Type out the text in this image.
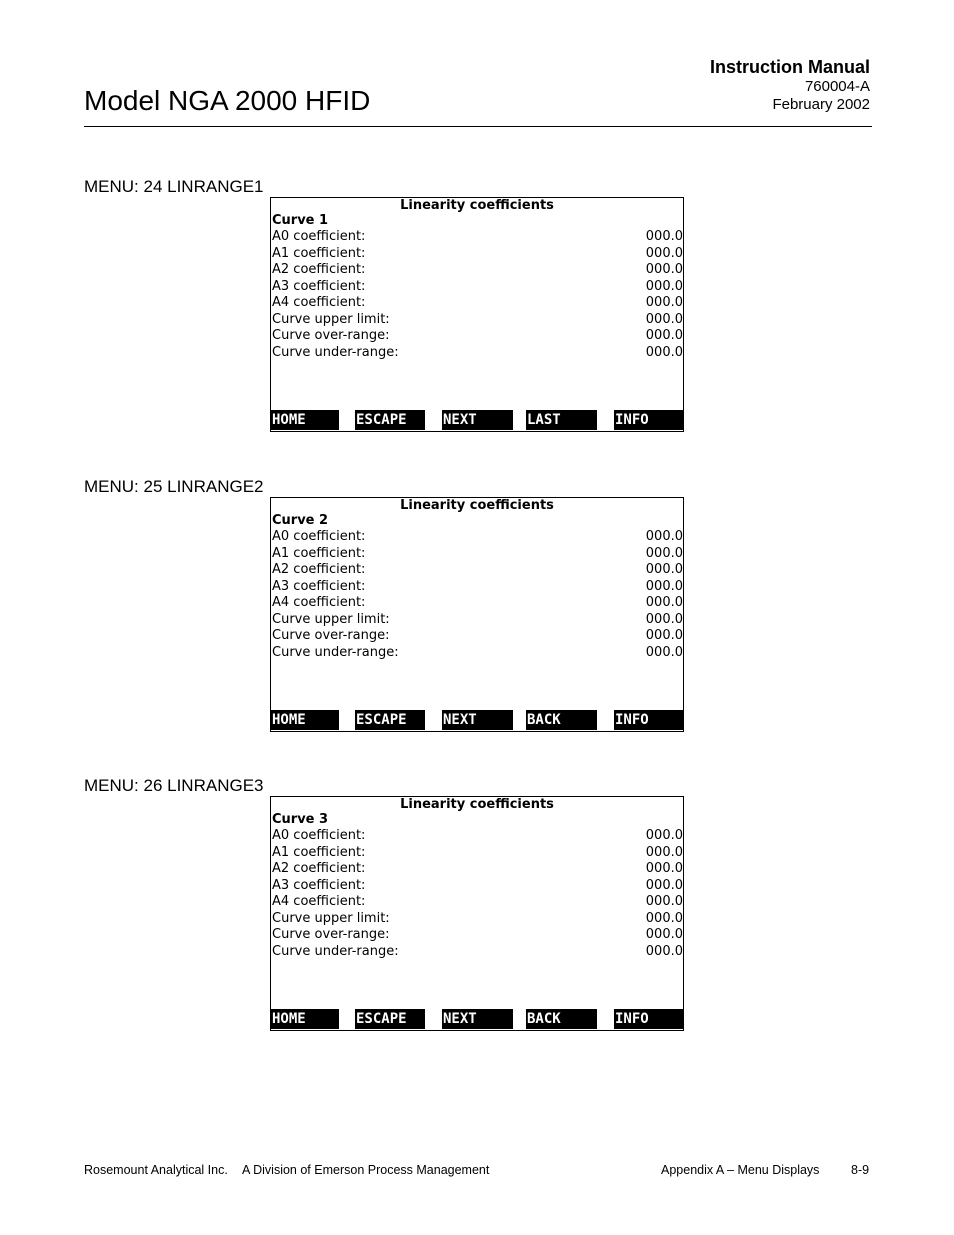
Model NGA 2000 HFID
Instruction Manual
760004-A
February 2002
MENU: 24 LINRANGE1
Linearity coefficients
Curve 1
A0 coefficient:	000.0
A1 coefficient:	000.0
A2 coefficient:	000.0
A3 coefficient:	000.0
A4 coefficient:	000.0
Curve upper limit:	000.0
Curve over-range:	000.0
Curve under-range:	000.0
HOME	ESCAPE	NEXT	LAST	INFO
MENU: 25 LINRANGE2
Linearity coefficients
Curve 2
A0 coefficient:	000.0
A1 coefficient:	000.0
A2 coefficient:	000.0
A3 coefficient:	000.0
A4 coefficient:	000.0
Curve upper limit:	000.0
Curve over-range:	000.0
Curve under-range:	000.0
HOME	ESCAPE	NEXT	BACK	INFO
MENU: 26 LINRANGE3
Linearity coefficients
Curve 3
A0 coefficient:	000.0
A1 coefficient:	000.0
A2 coefficient:	000.0
A3 coefficient:	000.0
A4 coefficient:	000.0
Curve upper limit:	000.0
Curve over-range:	000.0
Curve under-range:	000.0
HOME	ESCAPE	NEXT	BACK	INFO
Rosemount Analytical Inc. A Division of Emerson Process Management	Appendix A – Menu Displays	8-9
